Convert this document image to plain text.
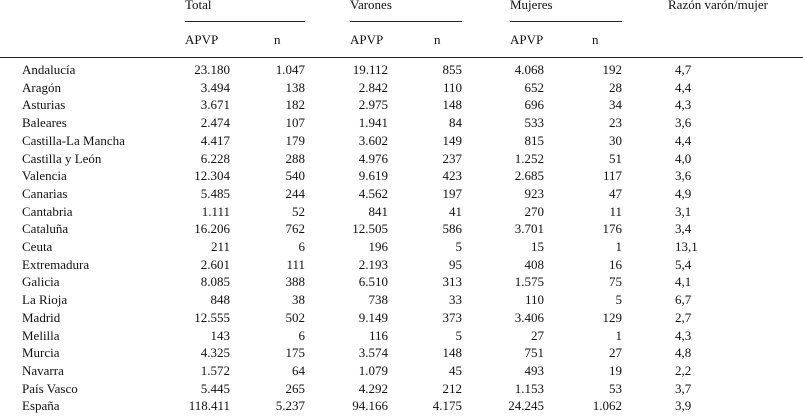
Total	Varones	Mujeres	Razón varón/mujer
APVP	n	APVP	n	APVP	n
Andalucía	23.180	1.047	19.112	855	4.068	192	4,7
Aragón	3.494	138	2.842	110	652	28	4,4
Asturias	3.671	182	2.975	148	696	34	4,3
Baleares	2.474	107	1.941	84	533	23	3,6
Castilla-La Mancha	4.417	179	3.602	149	815	30	4,4
Castilla y León	6.228	288	4.976	237	1.252	51	4,0
Valencia	12.304	540	9.619	423	2.685	117	3,6
Canarias	5.485	244	4.562	197	923	47	4,9
Cantabria	1.111	52	841	41	270	11	3,1
Cataluña	16.206	762	12.505	586	3.701	176	3,4
Ceuta	211	6	196	5	15	1	13,1
Extremadura	2.601	111	2.193	95	408	16	5,4
Galicia	8.085	388	6.510	313	1.575	75	4,1
La Rioja	848	38	738	33	110	5	6,7
Madrid	12.555	502	9.149	373	3.406	129	2,7
Melilla	143	6	116	5	27	1	4,3
Murcia	4.325	175	3.574	148	751	27	4,8
Navarra	1.572	64	1.079	45	493	19	2,2
País Vasco	5.445	265	4.292	212	1.153	53	3,7
España	118.411	5.237	94.166	4.175	24.245	1.062	3,9
